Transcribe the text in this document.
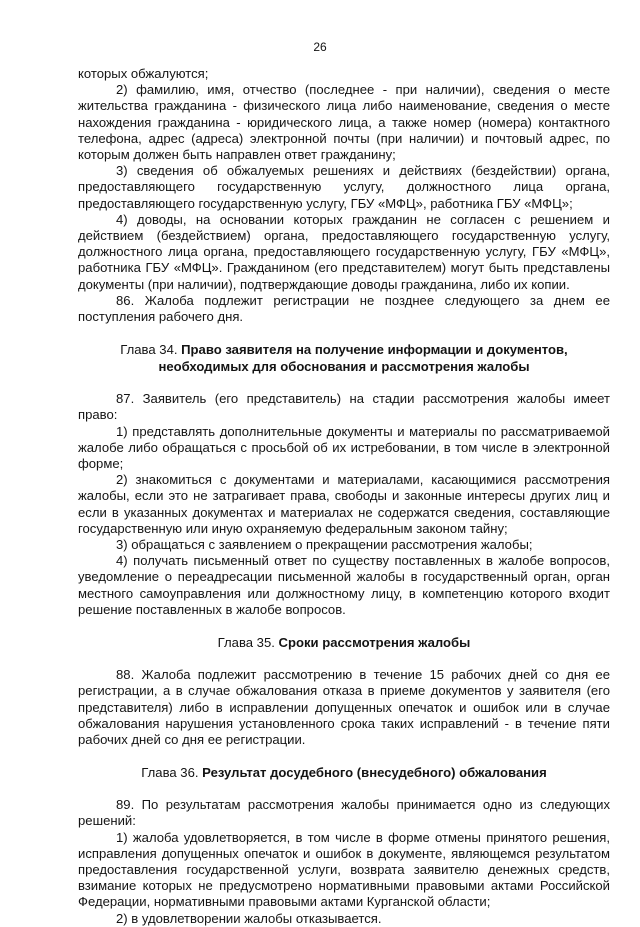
26

которых обжалуются;

2) фамилию, имя, отчество (последнее - при наличии), сведения о месте жительства гражданина - физического лица либо наименование, сведения о месте нахождения гражданина - юридического лица, а также номер (номера) контактного телефона, адрес (адреса) электронной почты (при наличии) и почтовый адрес, по которым должен быть направлен ответ гражданину;

3) сведения об обжалуемых решениях и действиях (бездействии) органа, предоставляющего государственную услугу, должностного лица органа, предоставляющего государственную услугу, ГБУ «МФЦ», работника ГБУ «МФЦ»;

4) доводы, на основании которых гражданин не согласен с решением и действием (бездействием) органа, предоставляющего государственную услугу, должностного лица органа, предоставляющего государственную услугу, ГБУ «МФЦ», работника ГБУ «МФЦ». Гражданином (его представителем) могут быть представлены документы (при наличии), подтверждающие доводы гражданина, либо их копии.

86. Жалоба подлежит регистрации не позднее следующего за днем ее поступления рабочего дня.

Глава 34. Право заявителя на получение информации и документов, необходимых для обоснования и рассмотрения жалобы

87. Заявитель (его представитель) на стадии рассмотрения жалобы имеет право:

1) представлять дополнительные документы и материалы по рассматриваемой жалобе либо обращаться с просьбой об их истребовании, в том числе в электронной форме;

2) знакомиться с документами и материалами, касающимися рассмотрения жалобы, если это не затрагивает права, свободы и законные интересы других лиц и если в указанных документах и материалах не содержатся сведения, составляющие государственную или иную охраняемую федеральным законом тайну;

3) обращаться с заявлением о прекращении рассмотрения жалобы;

4) получать письменный ответ по существу поставленных в жалобе вопросов, уведомление о переадресации письменной жалобы в государственный орган, орган местного самоуправления или должностному лицу, в компетенцию которого входит решение поставленных в жалобе вопросов.

Глава 35. Сроки рассмотрения жалобы

88. Жалоба подлежит рассмотрению в течение 15 рабочих дней со дня ее регистрации, а в случае обжалования отказа в приеме документов у заявителя (его представителя) либо в исправлении допущенных опечаток и ошибок или в случае обжалования нарушения установленного срока таких исправлений - в течение пяти рабочих дней со дня ее регистрации.

Глава 36. Результат досудебного (внесудебного) обжалования

89. По результатам рассмотрения жалобы принимается одно из следующих решений:

1) жалоба удовлетворяется, в том числе в форме отмены принятого решения, исправления допущенных опечаток и ошибок в документе, являющемся результатом предоставления государственной услуги, возврата заявителю денежных средств, взимание которых не предусмотрено нормативными правовыми актами Российской Федерации, нормативными правовыми актами Курганской области;

2) в удовлетворении жалобы отказывается.
